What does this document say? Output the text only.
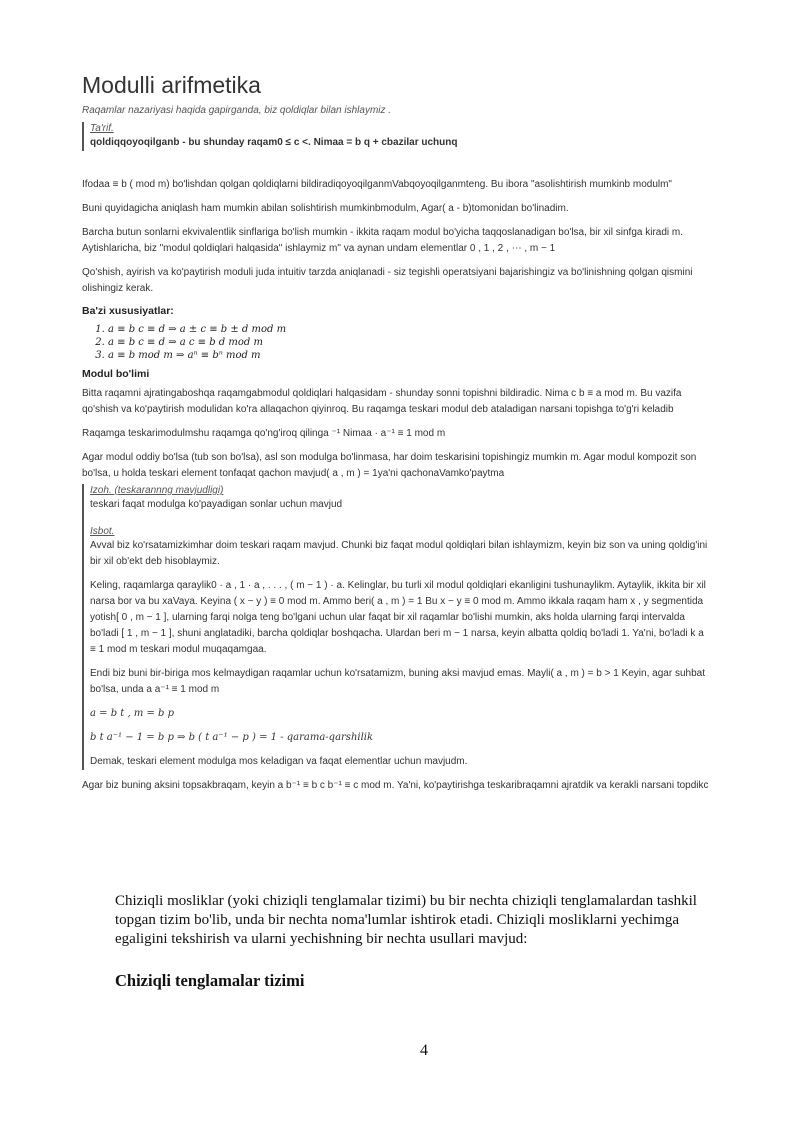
Modulli arifmetika
Raqamlar nazariyasi haqida gapirganda, biz qoldiqlar bilan ishlaymiz .
Ta'rif.
qoldiqqoyoqilganb - bu shunday raqam0 ≤ c <. Nimaa = b q + cbazilar uchunq
Ifodaa ≡ b ( mod m) bo'lishdan qolgan qoldiqlarni bildiradiqoyoqilganmVabqoyoqilganmteng. Bu ibora "asolishtirish mumkinb modulm"
Buni quyidagicha aniqlash ham mumkin abilan solishtirish mumkinbmodulm, Agar( a - b)tomonidan bo'linadim.
Barcha butun sonlarni ekvivalentlik sinflariga bo'lish mumkin - ikkita raqam modul bo'yicha taqqoslanadigan bo'lsa, bir xil sinfga kiradi m. Aytishlaricha, biz "modul qoldiqlari halqasida" ishlaymiz m" va aynan undam elementlar 0 , 1 , 2 , ⋯ , m − 1
Qo'shish, ayirish va ko'paytirish moduli juda intuitiv tarzda aniqlanadi - siz tegishli operatsiyani bajarishingiz va bo'linishning qolgan qismini olishingiz kerak.
Ba'zi xususiyatlar:
1. a ≡ b c ≡ d ⇒ a ± c ≡ b ± d mod m
2. a ≡ b c ≡ d ⇒ a c ≡ b d mod m
3. a ≡ b mod m ⇒ aⁿ ≡ bⁿ mod m
Modul bo'limi
Bitta raqamni ajratingaboshqa raqamgabmodul qoldiqlari halqasidam - shunday sonni topishni bildiradic. Nima c b ≡ a mod m. Bu vazifa qo'shish va ko'paytirish modulidan ko'ra allaqachon qiyinroq. Bu raqamga teskari modul deb ataladigan narsani topishga to'g'ri keladib
Raqamga teskarimodulmshu raqamga qo'ng'iroq qilinga ⁻¹ Nimaa · a⁻¹ ≡ 1 mod m
Agar modul oddiy bo'lsa (tub son bo'lsa), asl son modulga bo'linmasa, har doim teskarisini topishingiz mumkin m. Agar modul kompozit son bo'lsa, u holda teskari element tonfaqat qachon mavjud( a , m ) = 1ya'ni qachonaVamko'paytma
Izoh. (teskarannng mavjudligi)
teskari faqat modulga ko'payadigan sonlar uchun mavjud
Isbot.
Avval biz ko'rsatamizkimhar doim teskari raqam mavjud. Chunki biz faqat modul qoldiqlari bilan ishlaymizm, keyin biz son va uning qoldig'ini bir xil ob'ekt deb hisoblaymiz.
Keling, raqamlarga qaraylik0 · a , 1 · a , . . . , ( m − 1 ) · a. Kelinglar, bu turli xil modul qoldiqlari ekanligini tushunaylikm. Aytaylik, ikkita bir xil narsa bor va bu xaVaya. Keyina ( x − y ) ≡ 0 mod m. Ammo beri( a , m ) = 1 Bu x − y ≡ 0 mod m. Ammo ikkala raqam ham x , y segmentida yotish[ 0 , m − 1 ], ularning farqi nolga teng bo'lgani uchun ular faqat bir xil raqamlar bo'lishi mumkin, aks holda ularning farqi intervalda bo'ladi [ 1 , m − 1 ], shuni anglatadiki, barcha qoldiqlar boshqacha. Ulardan beri m − 1 narsa, keyin albatta qoldiq bo'ladi 1. Ya'ni, bo'ladi k a ≡ 1 mod m teskari modul muqaqamgaa.
Endi biz buni bir-biriga mos kelmaydigan raqamlar uchun ko'rsatamizm, buning aksi mavjud emas. Mayli( a , m ) = b > 1 Keyin, agar suhbat bo'lsa, unda a a⁻¹ ≡ 1 mod m
a = b t , m = b p
b t a⁻¹ − 1 = b p ⇒ b ( t a⁻¹ − p ) = 1 - qarama-qarshilik
Demak, teskari element modulga mos keladigan va faqat elementlar uchun mavjudm.
Agar biz buning aksini topsakbraqam, keyin a b⁻¹ ≡ b c b⁻¹ ≡ c mod m. Ya'ni, ko'paytirishga teskaribraqamni ajratdik va kerakli narsani topdikc
Chiziqli mosliklar (yoki chiziqli tenglamalar tizimi) bu bir nechta chiziqli tenglamalardan tashkil topgan tizim bo'lib, unda bir nechta noma'lumlar ishtirok etadi. Chiziqli mosliklarni yechimga egaligini tekshirish va ularni yechishning bir nechta usullari mavjud:
Chiziqli tenglamalar tizimi
4
